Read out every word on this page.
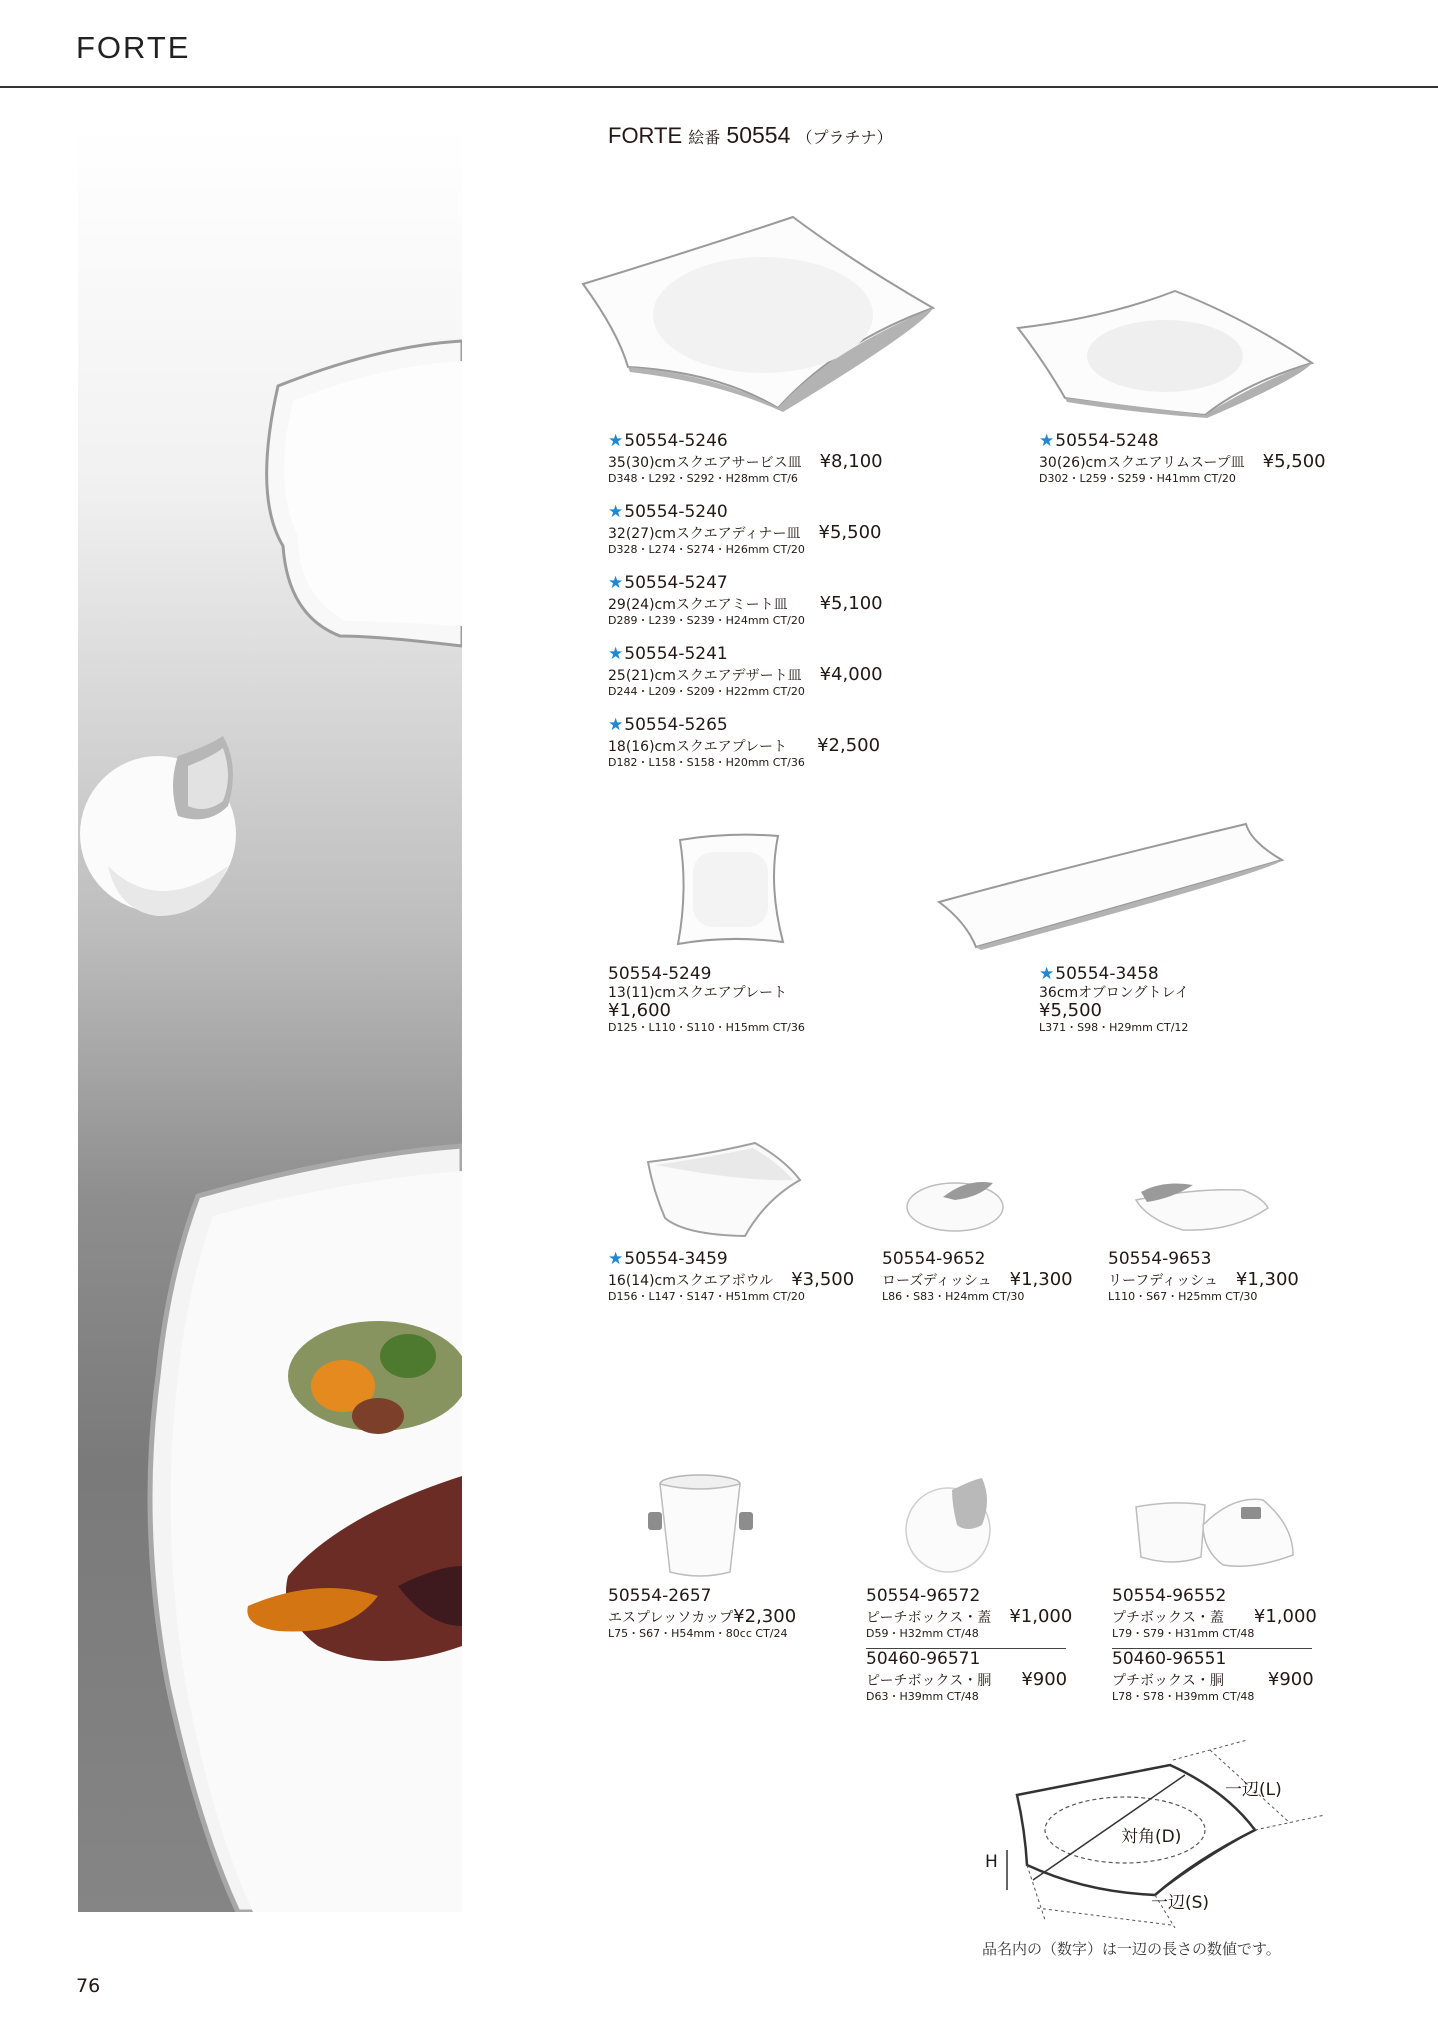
FORTE
FORTE 絵番 50554 （プラチナ）
★50554-5246
35(30)cmスクエアサービス皿 ¥8,100
D348・L292・S292・H28mm CT/6
★50554-5240
32(27)cmスクエアディナー皿 ¥5,500
D328・L274・S274・H26mm CT/20
★50554-5247
29(24)cmスクエアミート皿 ¥5,100
D289・L239・S239・H24mm CT/20
★50554-5241
25(21)cmスクエアデザート皿 ¥4,000
D244・L209・S209・H22mm CT/20
★50554-5265
18(16)cmスクエアプレート ¥2,500
D182・L158・S158・H20mm CT/36
★50554-5248
30(26)cmスクエアリムスープ皿 ¥5,500
D302・L259・S259・H41mm CT/20
50554-5249
13(11)cmスクエアプレート
¥1,600
D125・L110・S110・H15mm CT/36
★50554-3458
36cmオブロングトレイ
¥5,500
L371・S98・H29mm CT/12
★50554-3459
16(14)cmスクエアボウル ¥3,500
D156・L147・S147・H51mm CT/20
50554-9652
ローズディッシュ ¥1,300
L86・S83・H24mm CT/30
50554-9653
リーフディッシュ ¥1,300
L110・S67・H25mm CT/30
50554-2657
エスプレッソカップ¥2,300
L75・S67・H54mm・80cc CT/24
50554-96572
ピーチボックス・蓋 ¥1,000
D59・H32mm CT/48
50460-96571
ピーチボックス・胴 ¥900
D63・H39mm CT/48
50554-96552
プチボックス・蓋 ¥1,000
L79・S79・H31mm CT/48
50460-96551
プチボックス・胴 ¥900
L78・S78・H39mm CT/48
一辺(L)
対角(D)
H
一辺(S)
品名内の（数字）は一辺の長さの数値です。
76
